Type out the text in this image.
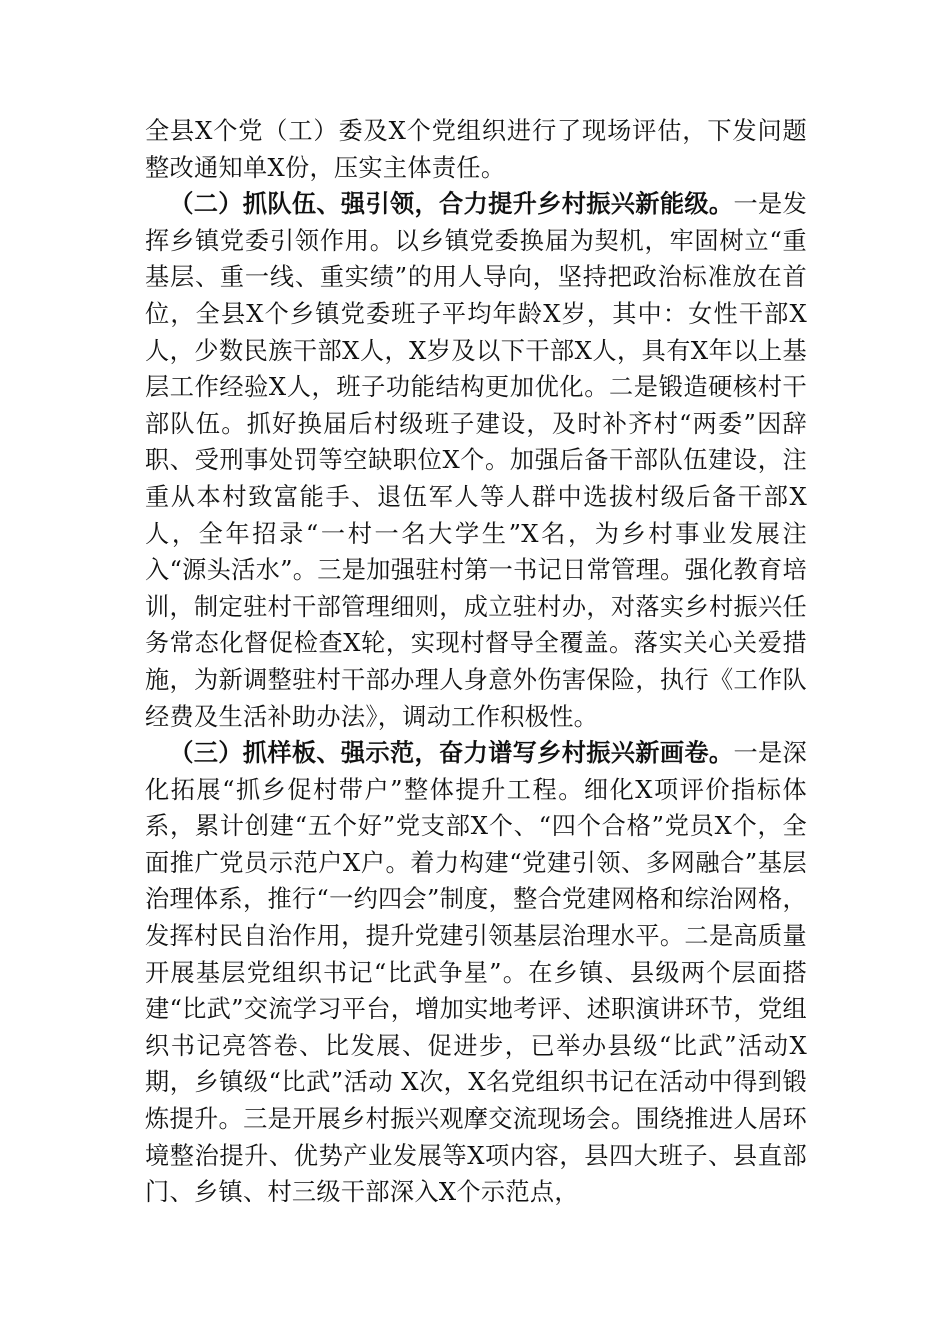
全县X个党（工）委及X个党组织进行了现场评估，下发问题整改通知单X份，压实主体责任。

（二）抓队伍、强引领，合力提升乡村振兴新能级。一是发挥乡镇党委引领作用。以乡镇党委换届为契机，牢固树立“重基层、重一线、重实绩”的用人导向，坚持把政治标准放在首位，全县X个乡镇党委班子平均年龄X岁，其中：女性干部X人，少数民族干部X人，X岁及以下干部X人，具有X年以上基层工作经验X人，班子功能结构更加优化。二是锻造硬核村干部队伍。抓好换届后村级班子建设，及时补齐村“两委”因辞职、受刑事处罚等空缺职位X个。加强后备干部队伍建设，注重从本村致富能手、退伍军人等人群中选拔村级后备干部X人，全年招录“一村一名大学生”X名，为乡村事业发展注入“源头活水”。三是加强驻村第一书记日常管理。强化教育培训，制定驻村干部管理细则，成立驻村办，对落实乡村振兴任务常态化督促检查X轮，实现村督导全覆盖。落实关心关爱措施，为新调整驻村干部办理人身意外伤害保险，执行《工作队经费及生活补助办法》，调动工作积极性。

（三）抓样板、强示范，奋力谱写乡村振兴新画卷。一是深化拓展“抓乡促村带户”整体提升工程。细化X项评价指标体系，累计创建“五个好”党支部X个、“四个合格”党员X个，全面推广党员示范户X户。着力构建“党建引领、多网融合”基层治理体系，推行“一约四会”制度，整合党建网格和综治网格，发挥村民自治作用，提升党建引领基层治理水平。二是高质量开展基层党组织书记“比武争星”。在乡镇、县级两个层面搭建“比武”交流学习平台，增加实地考评、述职演讲环节，党组织书记亮答卷、比发展、促进步，已举办县级“比武”活动X期，乡镇级“比武”活动 X次，X名党组织书记在活动中得到锻炼提升。三是开展乡村振兴观摩交流现场会。围绕推进人居环境整治提升、优势产业发展等X项内容，县四大班子、县直部门、乡镇、村三级干部深入X个示范点，
